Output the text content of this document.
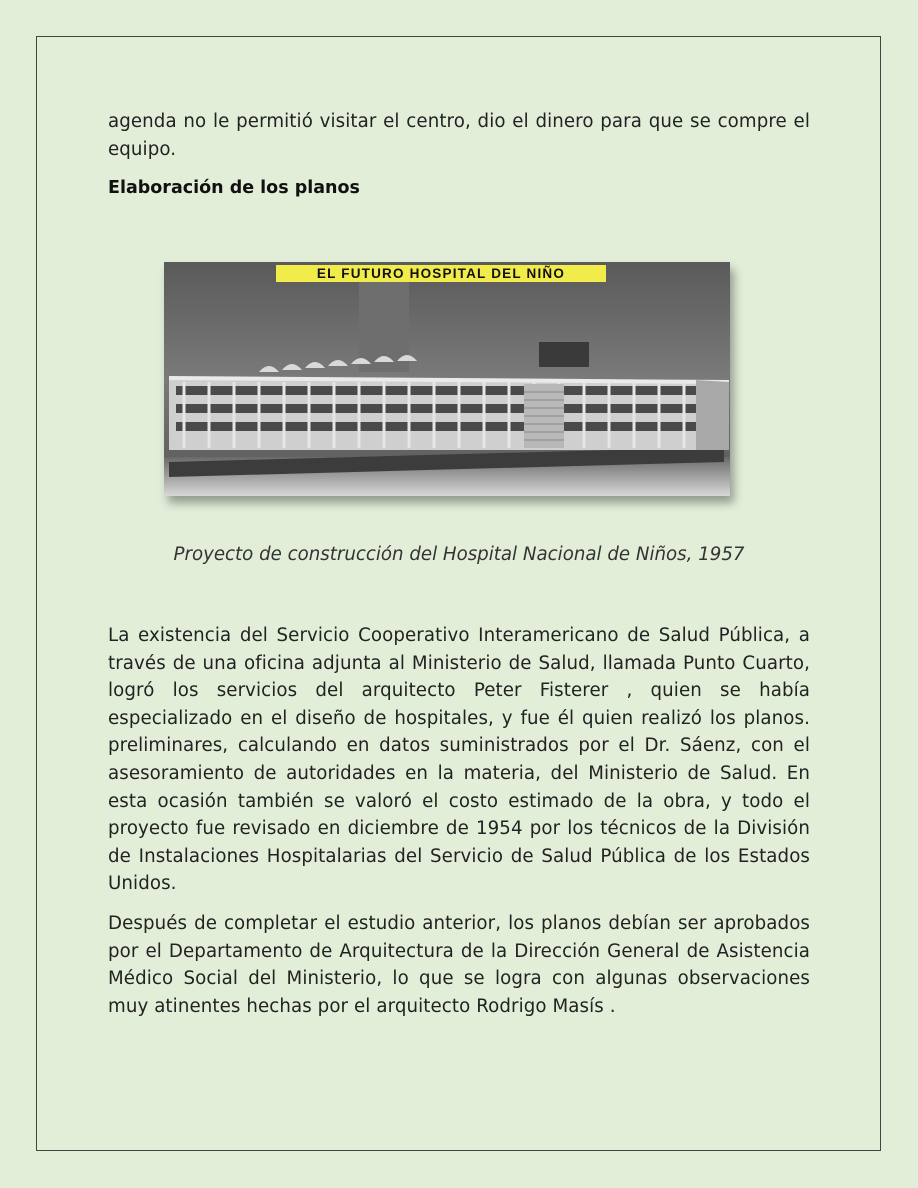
agenda no le permitió visitar el centro, dio el dinero para que se compre el equipo.

Elaboración de los planos
EL FUTURO HOSPITAL DEL NIÑO
Proyecto de construcción del Hospital Nacional de Niños, 1957

La existencia del Servicio Cooperativo Interamericano de Salud Pública, a través de una oficina adjunta al Ministerio de Salud, llamada Punto Cuarto, logró los servicios del arquitecto Peter Fisterer , quien se había especializado en el diseño de hospitales, y fue él quien realizó los planos. preliminares, calculando en datos suministrados por el Dr. Sáenz, con el asesoramiento de autoridades en la materia, del Ministerio de Salud. En esta ocasión también se valoró el costo estimado de la obra, y todo el proyecto fue revisado en diciembre de 1954 por los técnicos de la División de Instalaciones Hospitalarias del Servicio de Salud Pública de los Estados Unidos.

Después de completar el estudio anterior, los planos debían ser aprobados por el Departamento de Arquitectura de la Dirección General de Asistencia Médico Social del Ministerio, lo que se logra con algunas observaciones muy atinentes hechas por el arquitecto Rodrigo Masís .
